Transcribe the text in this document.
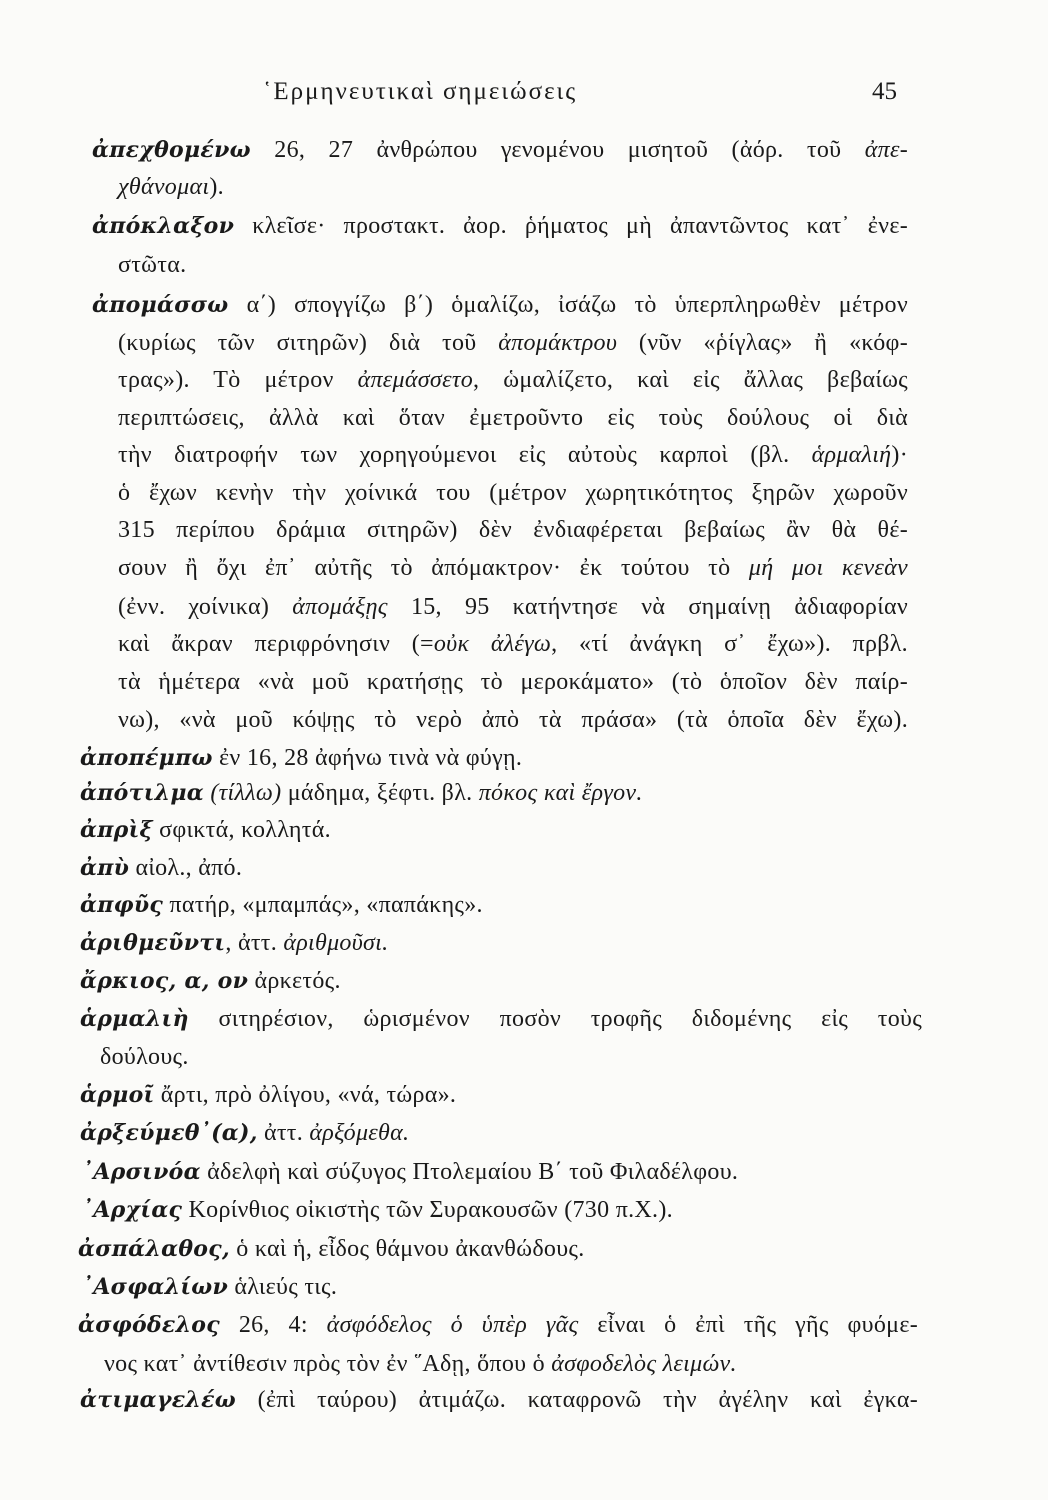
῾Ερμηνευτικαὶ σημειώσεις	45
ἀπεχθομένω 26, 27 ἀνθρώπου γενομένου μισητοῦ (ἀόρ. τοῦ ἀπε-
χθάνομαι).
ἀπόκλαξον κλεῖσε· προστακτ. ἀορ. ῥήματος μὴ ἀπαντῶντος κατ᾽ ἐνε-
στῶτα.
ἀπομάσσω α΄) σπογγίζω β΄) ὁμαλίζω, ἰσάζω τὸ ὑπερπληρωθὲν μέτρον
(κυρίως τῶν σιτηρῶν) διὰ τοῦ ἀπομάκτρου (νῦν «ῥίγλας» ἢ «κόφ-
τρας»). Τὸ μέτρον ἀπεμάσσετο, ὡμαλίζετο, καὶ εἰς ἄλλας βεβαίως
περιπτώσεις, ἀλλὰ καὶ ὅταν ἐμετροῦντο εἰς τοὺς δούλους οἱ διὰ
τὴν διατροφήν των χορηγούμενοι εἰς αὐτοὺς καρποὶ (βλ. ἁρμαλιή)·
ὁ ἔχων κενὴν τὴν χοίνικά του (μέτρον χωρητικότητος ξηρῶν χωροῦν
315 περίπου δράμια σιτηρῶν) δὲν ἐνδιαφέρεται βεβαίως ἂν θὰ θέ-
σουν ἢ ὄχι ἐπ᾽ αὐτῆς τὸ ἀπόμακτρον· ἐκ τούτου τὸ μή μοι κενεὰν
(ἐνν. χοίνικα) ἀπομάξῃς 15, 95 κατήντησε νὰ σημαίνῃ ἀδιαφορίαν
καὶ ἄκραν περιφρόνησιν (=οὐκ ἀλέγω, «τί ἀνάγκη σ᾽ ἔχω»). πρβλ.
τὰ ἡμέτερα «νὰ μοῦ κρατήσῃς τὸ μεροκάματο» (τὸ ὁποῖον δὲν παίρ-
νω), «νὰ μοῦ κόψῃς τὸ νερὸ ἀπὸ τὰ πράσα» (τὰ ὁποῖα δὲν ἔχω).
ἀποπέμπω ἐν 16, 28 ἀφήνω τινὰ νὰ φύγῃ.
ἀπότιλμα (τίλλω) μάδημα, ξέφτι. βλ. πόκος καὶ ἔργον.
ἀπρὶξ σφικτά, κολλητά.
ἀπὺ αἰολ., ἀπό.
ἀπφῦς πατήρ, «μπαμπάς», «παπάκης».
ἀριθμεῦντι, ἀττ. ἀριθμοῦσι.
ἄρκιος, α, ον ἀρκετός.
ἁρμαλιὴ σιτηρέσιον, ὡρισμένον ποσὸν τροφῆς διδομένης εἰς τοὺς
δούλους.
ἁρμοῖ ἄρτι, πρὸ ὀλίγου, «νά, τώρα».
ἀρξεύμεθ᾽(α), ἀττ. ἀρξόμεθα.
᾽Αρσινόα ἀδελφὴ καὶ σύζυγος Πτολεμαίου Β΄ τοῦ Φιλαδέλφου.
᾽Αρχίας Κορίνθιος οἰκιστὴς τῶν Συρακουσῶν (730 π.Χ.).
ἀσπάλαθος, ὁ καὶ ἡ, εἶδος θάμνου ἀκανθώδους.
᾽Ασφαλίων ἁλιεύς τις.
ἀσφόδελος 26, 4: ἀσφόδελος ὁ ὑπὲρ γᾶς εἶναι ὁ ἐπὶ τῆς γῆς φυόμε-
νος κατ᾽ ἀντίθεσιν πρὸς τὸν ἐν ῞Αδῃ, ὅπου ὁ ἀσφοδελὸς λειμών.
ἀτιμαγελέω (ἐπὶ ταύρου) ἀτιμάζω. καταφρονῶ τὴν ἀγέλην καὶ ἐγκα-
